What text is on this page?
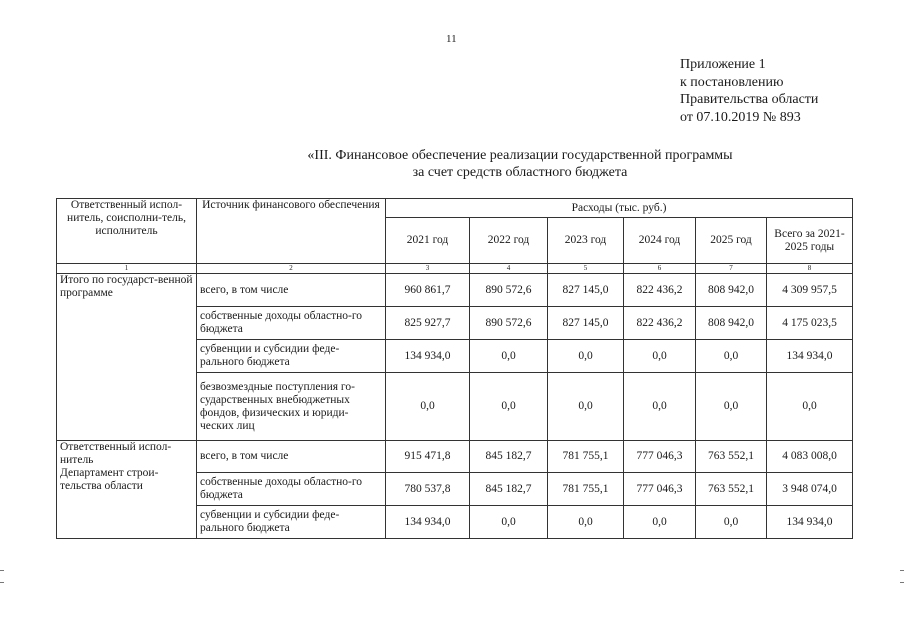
11
Приложение 1
к постановлению
Правительства области
от 07.10.2019 № 893
«III. Финансовое обеспечение реализации государственной программы
за счет средств областного бюджета
Ответственный испол-нитель, соисполни-тель, исполнитель	Источник финансового обеспечения	Расходы (тыс. руб.)					
		2021 год	2022 год	2023 год	2024 год	2025 год	Всего за 2021-2025 годы
1	2	3	4	5	6	7	8

Итого по государст-венной программе	всего, в том числе	960 861,7	890 572,6	827 145,0	822 436,2	808 942,0	4 309 957,5
	собственные доходы областно-го бюджета	825 927,7	890 572,6	827 145,0	822 436,2	808 942,0	4 175 023,5
	субвенции и субсидии феде-рального бюджета	134 934,0	0,0	0,0	0,0	0,0	134 934,0
	безвозмездные поступления го-сударственных внебюджетных фондов, физических и юриди-ческих лиц	0,0	0,0	0,0	0,0	0,0	0,0

Ответственный испол-нитель
Департамент строи-тельства области	всего, в том числе	915 471,8	845 182,7	781 755,1	777 046,3	763 552,1	4 083 008,0
	собственные доходы областно-го бюджета	780 537,8	845 182,7	781 755,1	777 046,3	763 552,1	3 948 074,0
	субвенции и субсидии феде-рального бюджета	134 934,0	0,0	0,0	0,0	0,0	134 934,0
